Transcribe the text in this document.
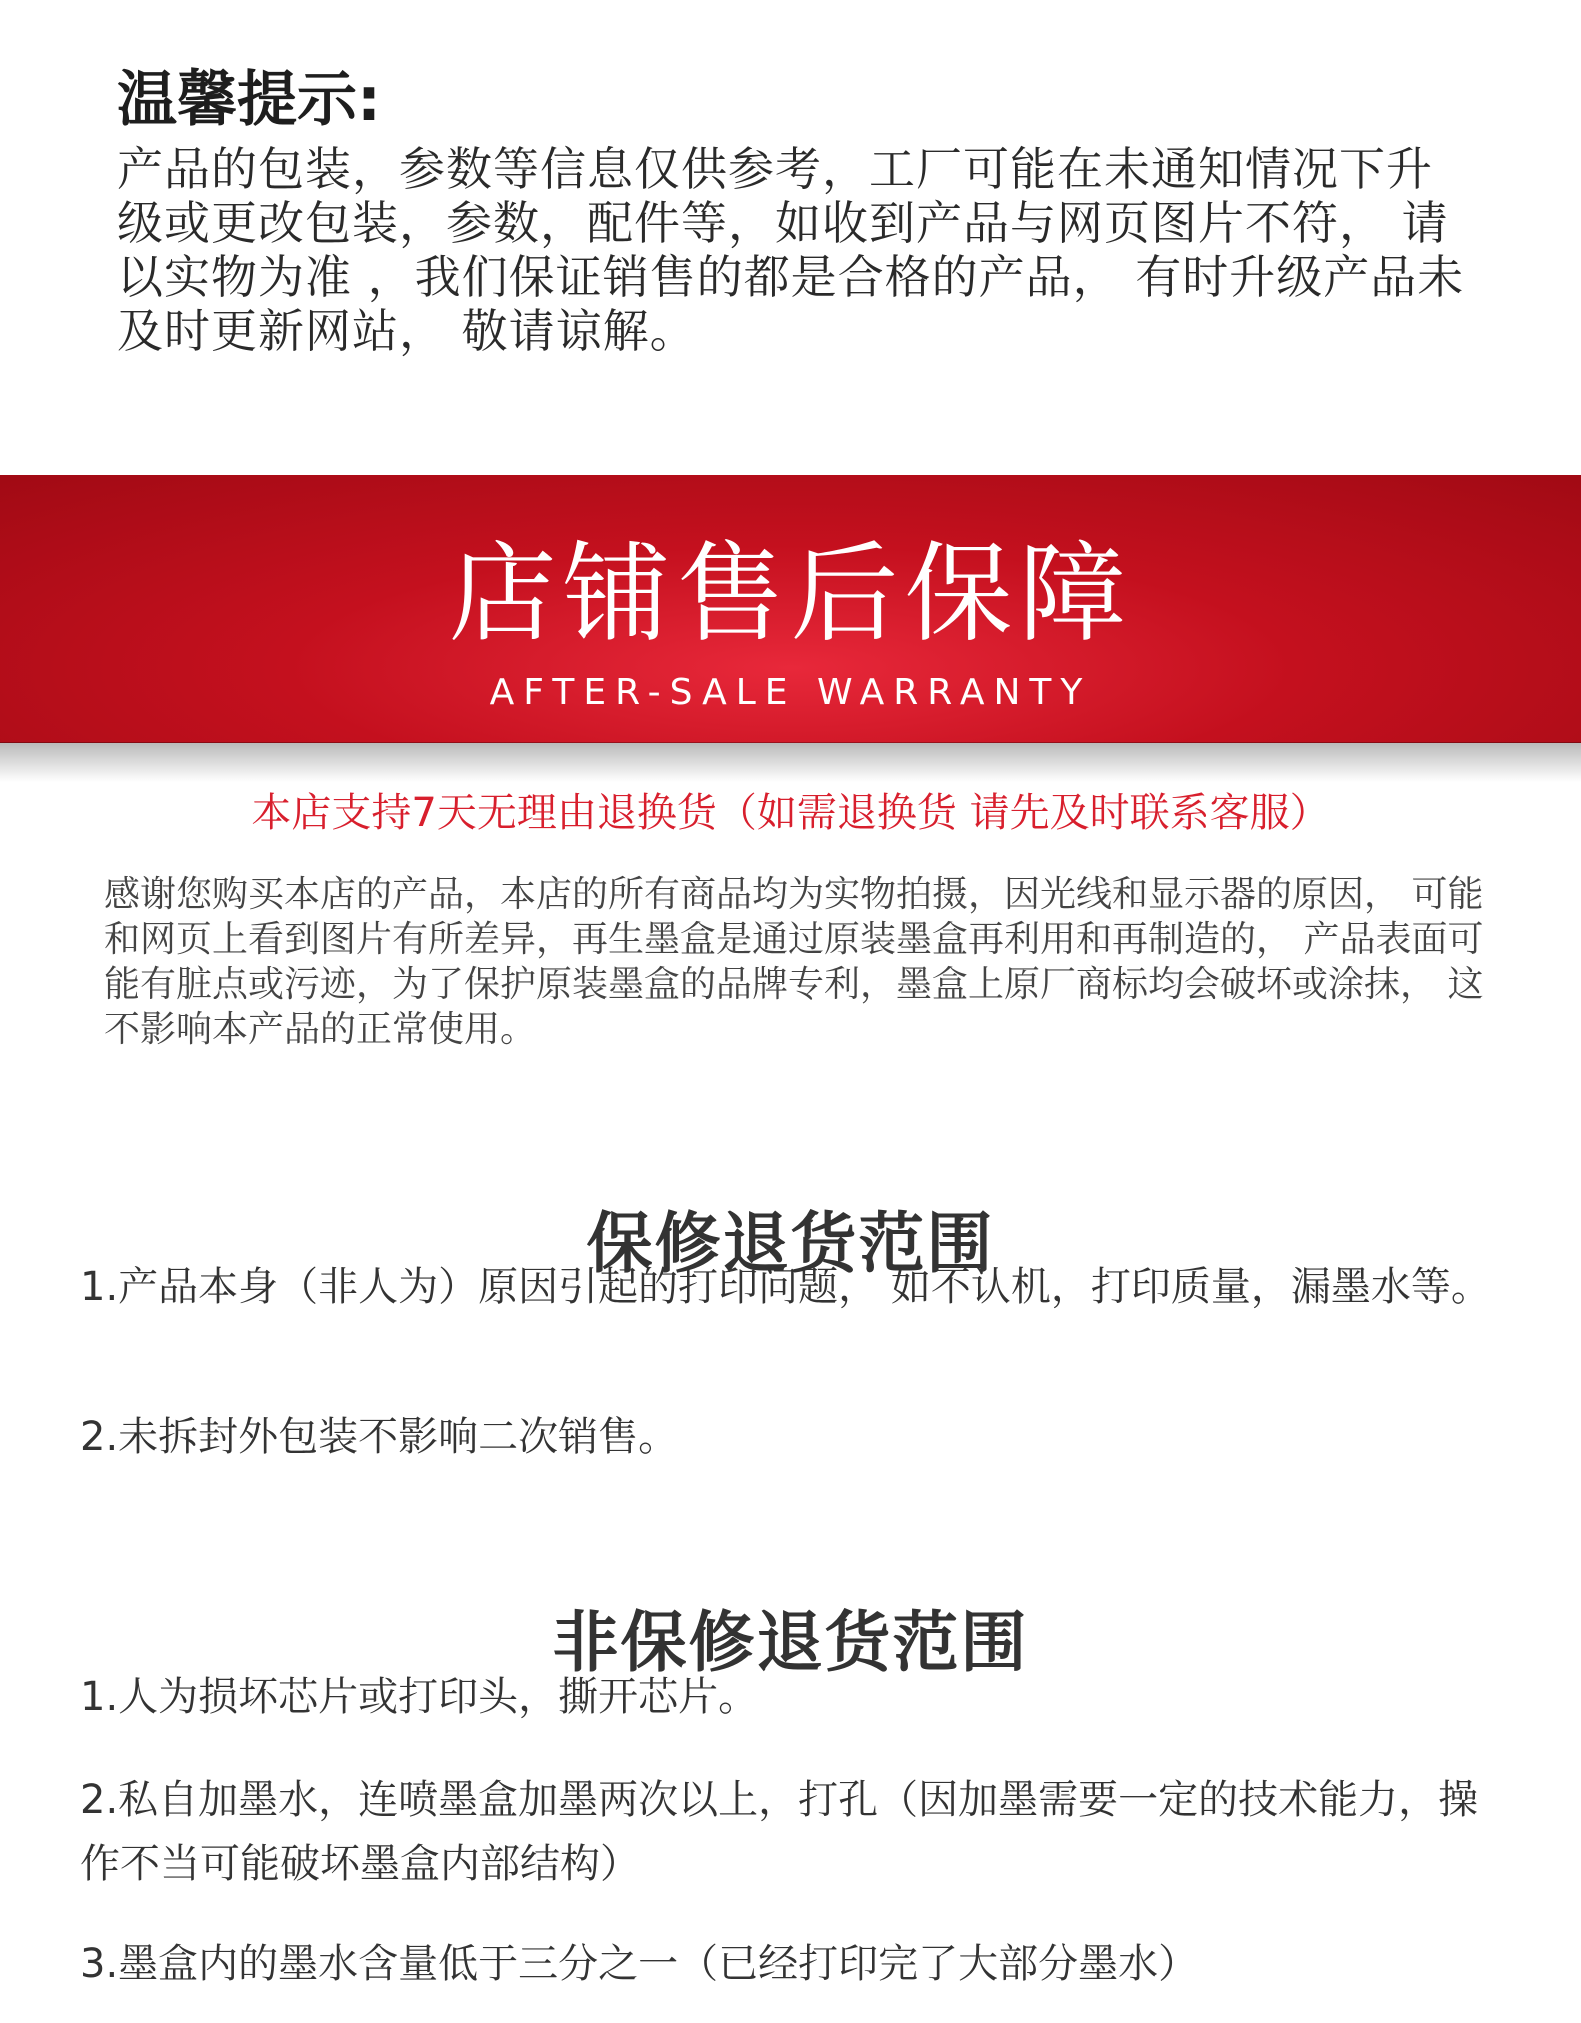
温馨提示:
产品的包装，参数等信息仅供参考，工厂可能在未通知情况下升级或更改包装，参数，配件等，如收到产品与网页图片不符， 请以实物为准 ，我们保证销售的都是合格的产品， 有时升级产品未及时更新网站， 敬请谅解。
店铺售后保障
AFTER-SALE WARRANTY
本店支持7天无理由退换货（如需退换货 请先及时联系客服）
感谢您购买本店的产品，本店的所有商品均为实物拍摄，因光线和显示器的原因， 可能和网页上看到图片有所差异，再生墨盒是通过原装墨盒再利用和再制造的， 产品表面可能有脏点或污迹，为了保护原装墨盒的品牌专利，墨盒上原厂商标均会破坏或涂抹， 这不影响本产品的正常使用。
保修退货范围
1.产品本身（非人为）原因引起的打印问题， 如不认机，打印质量，漏墨水等。
2.未拆封外包装不影响二次销售。
非保修退货范围
1.人为损坏芯片或打印头，撕开芯片。
2.私自加墨水，连喷墨盒加墨两次以上，打孔（因加墨需要一定的技术能力，操作不当可能破坏墨盒内部结构）
3.墨盒内的墨水含量低于三分之一（已经打印完了大部分墨水）
